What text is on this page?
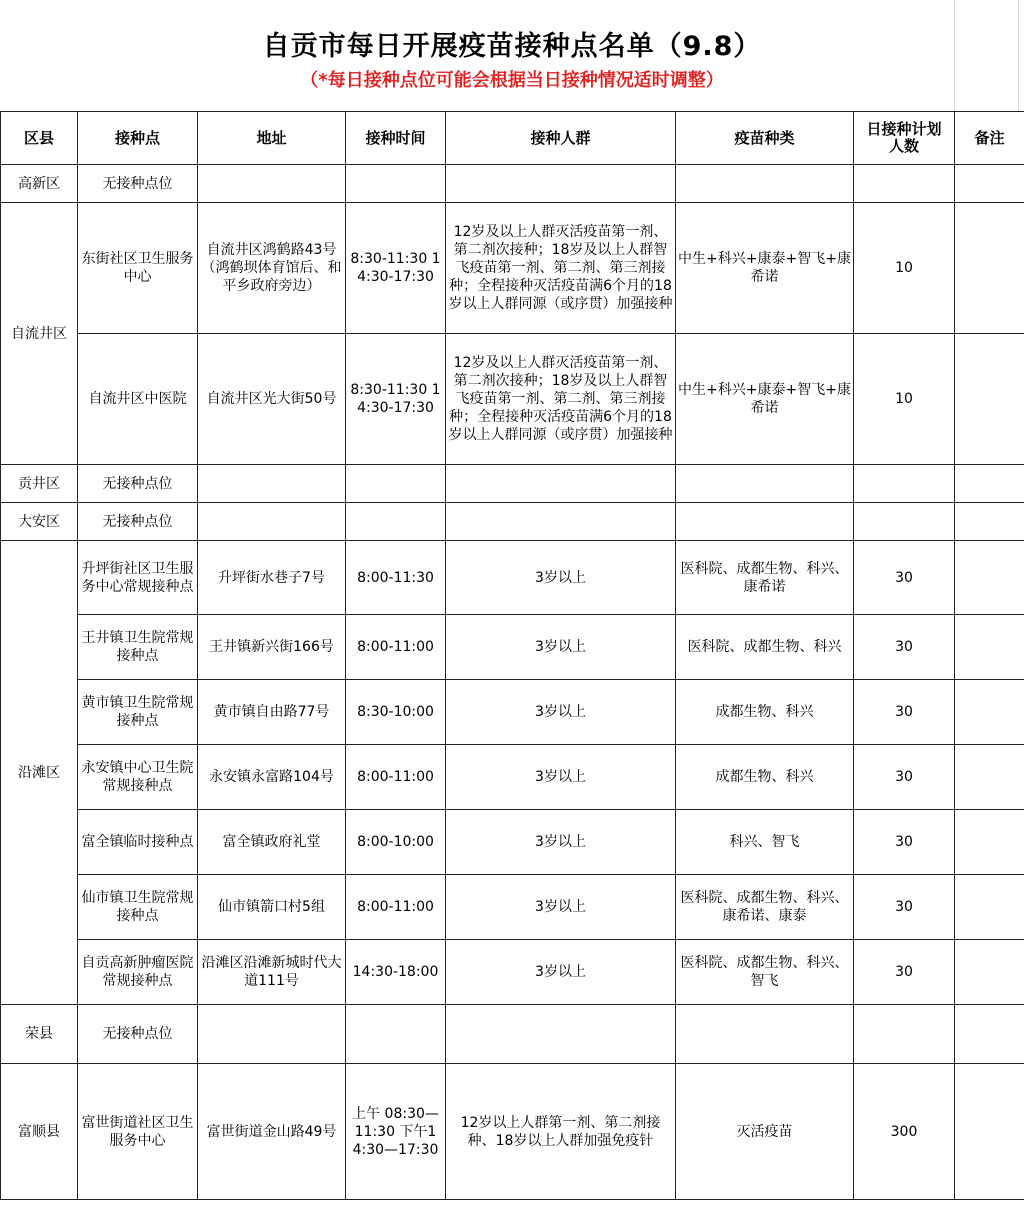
自贡市每日开展疫苗接种点名单（9.8）
（*每日接种点位可能会根据当日接种情况适时调整）
区县	接种点	地址	接种时间	接种人群	疫苗种类	日接种计划人数	备注
高新区	无接种点位						
自流井区	东街社区卫生服务中心	自流井区鸿鹤路43号（鸿鹤坝体育馆后、和平乡政府旁边）	8:30-11:30 14:30-17:30	12岁及以上人群灭活疫苗第一剂、第二剂次接种；18岁及以上人群智飞疫苗第一剂、第二剂、第三剂接种；全程接种灭活疫苗满6个月的18岁以上人群同源（或序贯）加强接种	中生+科兴+康泰+智飞+康希诺	10	
	自流井区中医院	自流井区光大街50号	8:30-11:30 14:30-17:30	12岁及以上人群灭活疫苗第一剂、第二剂次接种；18岁及以上人群智飞疫苗第一剂、第二剂、第三剂接种；全程接种灭活疫苗满6个月的18岁以上人群同源（或序贯）加强接种	中生+科兴+康泰+智飞+康希诺	10	
贡井区	无接种点位						
大安区	无接种点位						
沿滩区	升坪街社区卫生服务中心常规接种点	升坪街水巷子7号	8:00-11:30	3岁以上	医科院、成都生物、科兴、康希诺	30	
	王井镇卫生院常规接种点	王井镇新兴街166号	8:00-11:00	3岁以上	医科院、成都生物、科兴	30	
	黄市镇卫生院常规接种点	黄市镇自由路77号	8:30-10:00	3岁以上	成都生物、科兴	30	
	永安镇中心卫生院常规接种点	永安镇永富路104号	8:00-11:00	3岁以上	成都生物、科兴	30	
	富全镇临时接种点	富全镇政府礼堂	8:00-10:00	3岁以上	科兴、智飞	30	
	仙市镇卫生院常规接种点	仙市镇箭口村5组	8:00-11:00	3岁以上	医科院、成都生物、科兴、康希诺、康泰	30	
	自贡高新肿瘤医院常规接种点	沿滩区沿滩新城时代大道111号	14:30-18:00	3岁以上	医科院、成都生物、科兴、智飞	30	
荣县	无接种点位						
富顺县	富世街道社区卫生服务中心	富世街道金山路49号	上午 08:30—11:30 下午14:30—17:30	12岁以上人群第一剂、第二剂接种、18岁以上人群加强免疫针	灭活疫苗	300	
